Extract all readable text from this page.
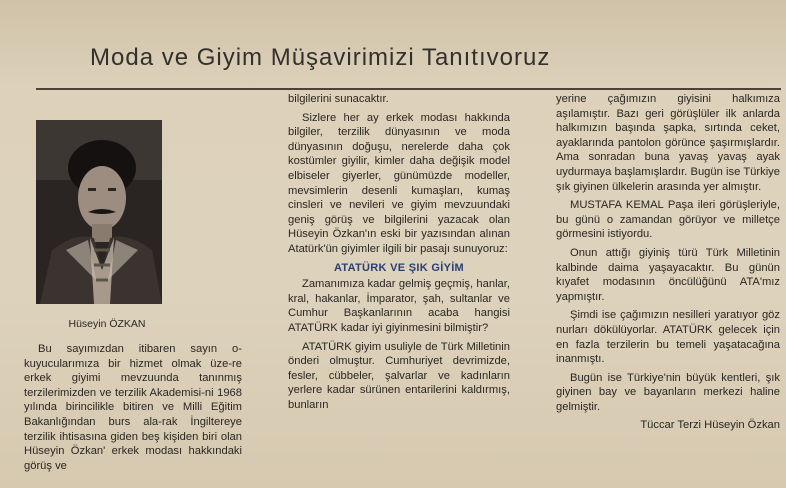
Moda ve Giyim Müşavirimizi Tanıtıvoruz
Hüseyin ÖZKAN

Bu sayımızdan itibaren sayın o-kuyucularımıza bir hizmet olmak üze-re erkek giyimi mevzuunda tanınmış terzilerimizden ve terzilik Akademisi-ni 1968 yılında birincilikle bitiren ve Milli Eğitim Bakanlığından burs ala-rak İngiltereye terzilik ihtisasına giden beş kişiden biri olan Hüseyin Özkan' erkek modası hakkındaki görüş ve

bilgilerini sunacaktır.

Sizlere her ay erkek modası hakkında bilgiler, terzilik dünyasının ve moda dünyasının doğuşu, nerelerde daha çok kostümler giyilir, kimler daha değişik model elbiseler giyerler, günümüzde modeller, mevsimlerin desenli kumaşları, kumaş cinsleri ve nevileri ve giyim mevzuundaki geniş görüş ve bilgilerini yazacak olan Hüseyin Özkan'ın eski bir yazısından alınan Atatürk'ün giyimler ilgili bir pasajı sunuyoruz:

ATATÜRK VE ŞIK GİYİM

Zamanımıza kadar gelmiş geçmiş, hanlar, kral, hakanlar, İmparator, şah, sultanlar ve Cumhur Başkanlarının acaba hangisi ATATÜRK kadar iyi giyinmesini bilmiştir?

ATATÜRK giyim usuliyle de Türk Milletinin önderi olmuştur. Cumhuriyet devrimizde, fesler, cübbeler, şalvarlar ve kadınların yerlere kadar sürünen entarilerini kaldırmış, bunların

yerine çağımızın giyisini halkımıza aşılamıştır. Bazı geri görüşlüler ilk anlarda halkımızın başında şapka, sırtında ceket, ayaklarında pantolon görünce şaşırmışlardır. Ama sonradan buna yavaş yavaş ayak uydurmaya başlamışlardır. Bugün ise Türkiye şık giyinen ülkelerin arasında yer almıştır.

MUSTAFA KEMAL Paşa ileri görüşleriyle, bu günü o zamandan görüyor ve milletçe görmesini istiyordu.

Onun attığı giyiniş türü Türk Milletinin kalbinde daima yaşayacaktır. Bu günün kıyafet modasının öncülüğünü ATA'mız yapmıştır.

Şimdi ise çağımızın nesilleri yaratıyor göz nurları dökülüyorlar. ATATÜRK gelecek için en fazla terzilerin bu temeli yaşatacağına inanmıştı.

Bugün ise Türkiye'nin büyük kentleri, şık giyinen bay ve bayanların merkezi haline gelmiştir.

Tüccar Terzi Hüseyin Özkan
